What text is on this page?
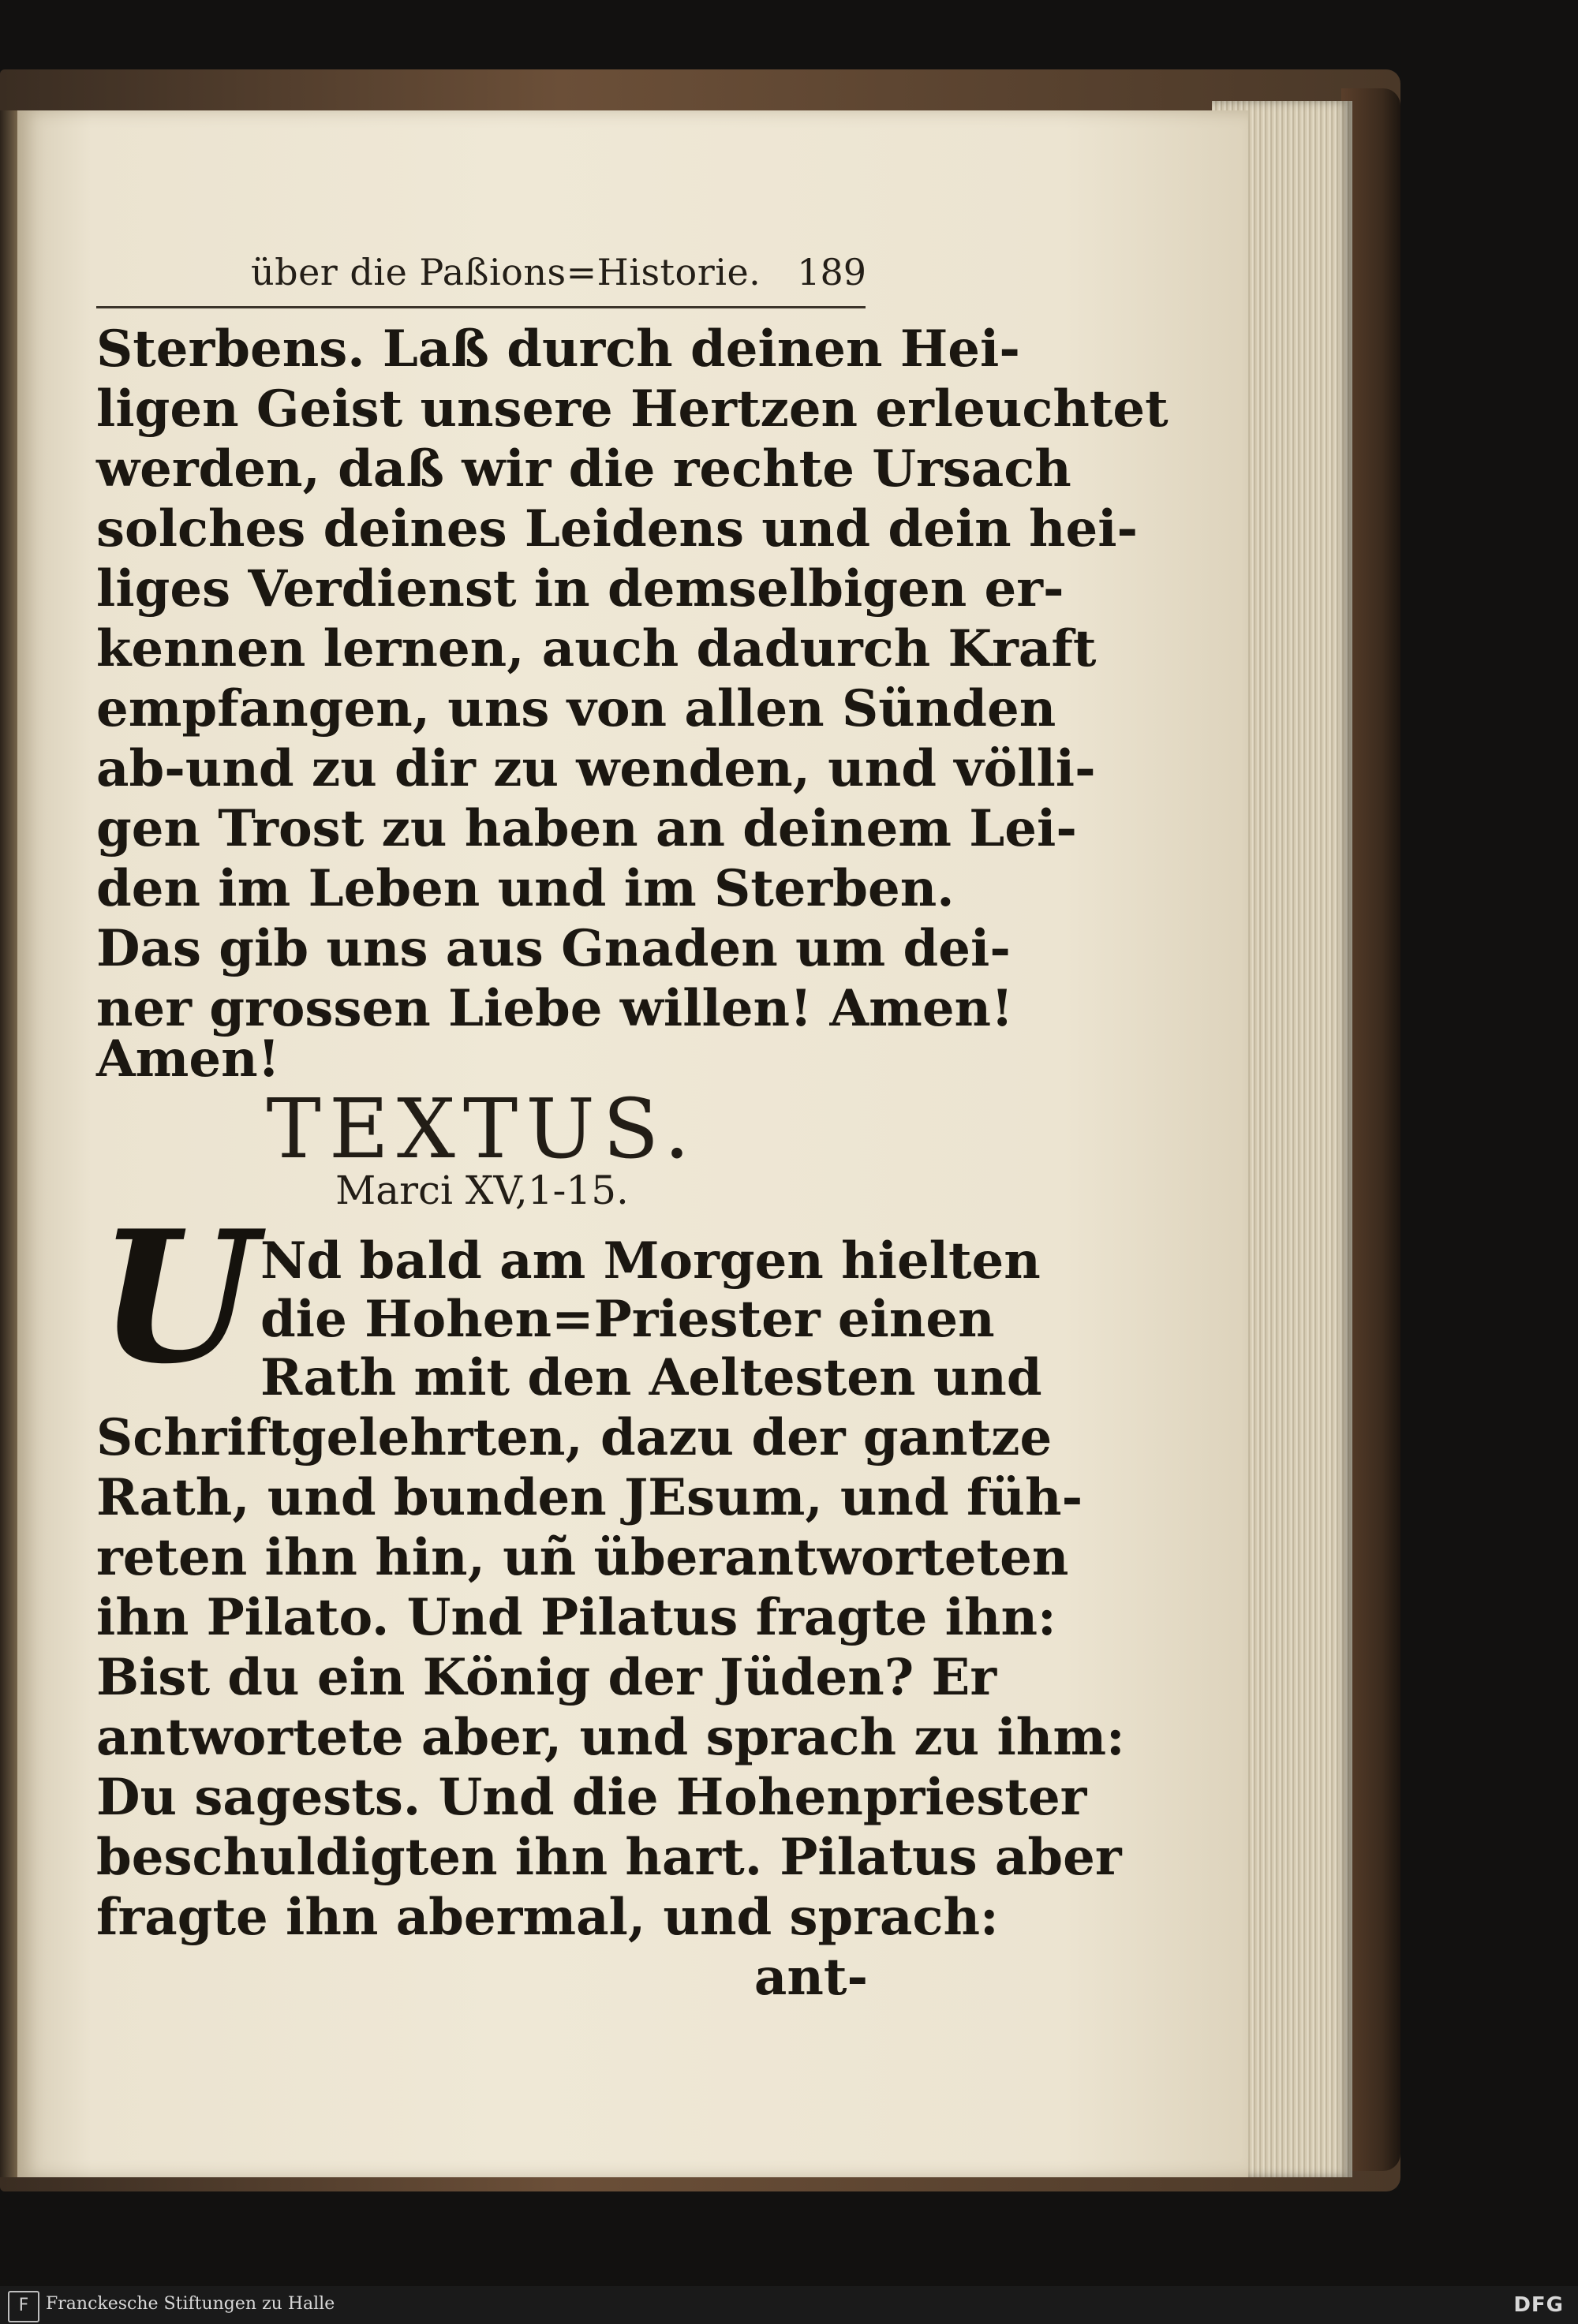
über die Paßions=Historie. 189
Sterbens. Laß durch deinen Hei-
ligen Geist unsere Hertzen erleuchtet
werden, daß wir die rechte Ursach
solches deines Leidens und dein hei-
liges Verdienst in demselbigen er-
kennen lernen, auch dadurch Kraft
empfangen, uns von allen Sünden
ab-und zu dir zu wenden, und völli-
gen Trost zu haben an deinem Lei-
den im Leben und im Sterben.
Das gib uns aus Gnaden um dei-
ner grossen Liebe willen! Amen!
Amen!
TEXTUS.
Marci XV,1-15.
U Nd bald am Morgen hielten
die Hohen=Priester einen
Rath mit den Aeltesten und
Schriftgelehrten, dazu der gantze
Rath, und bunden JEsum, und füh-
reten ihn hin, uñ überantworteten
ihn Pilato. Und Pilatus fragte ihn:
Bist du ein König der Jüden? Er
antwortete aber, und sprach zu ihm:
Du sagests. Und die Hohenpriester
beschuldigten ihn hart. Pilatus aber
fragte ihn abermal, und sprach:
ant-
F Franckesche Stiftungen zu Halle	DFG
